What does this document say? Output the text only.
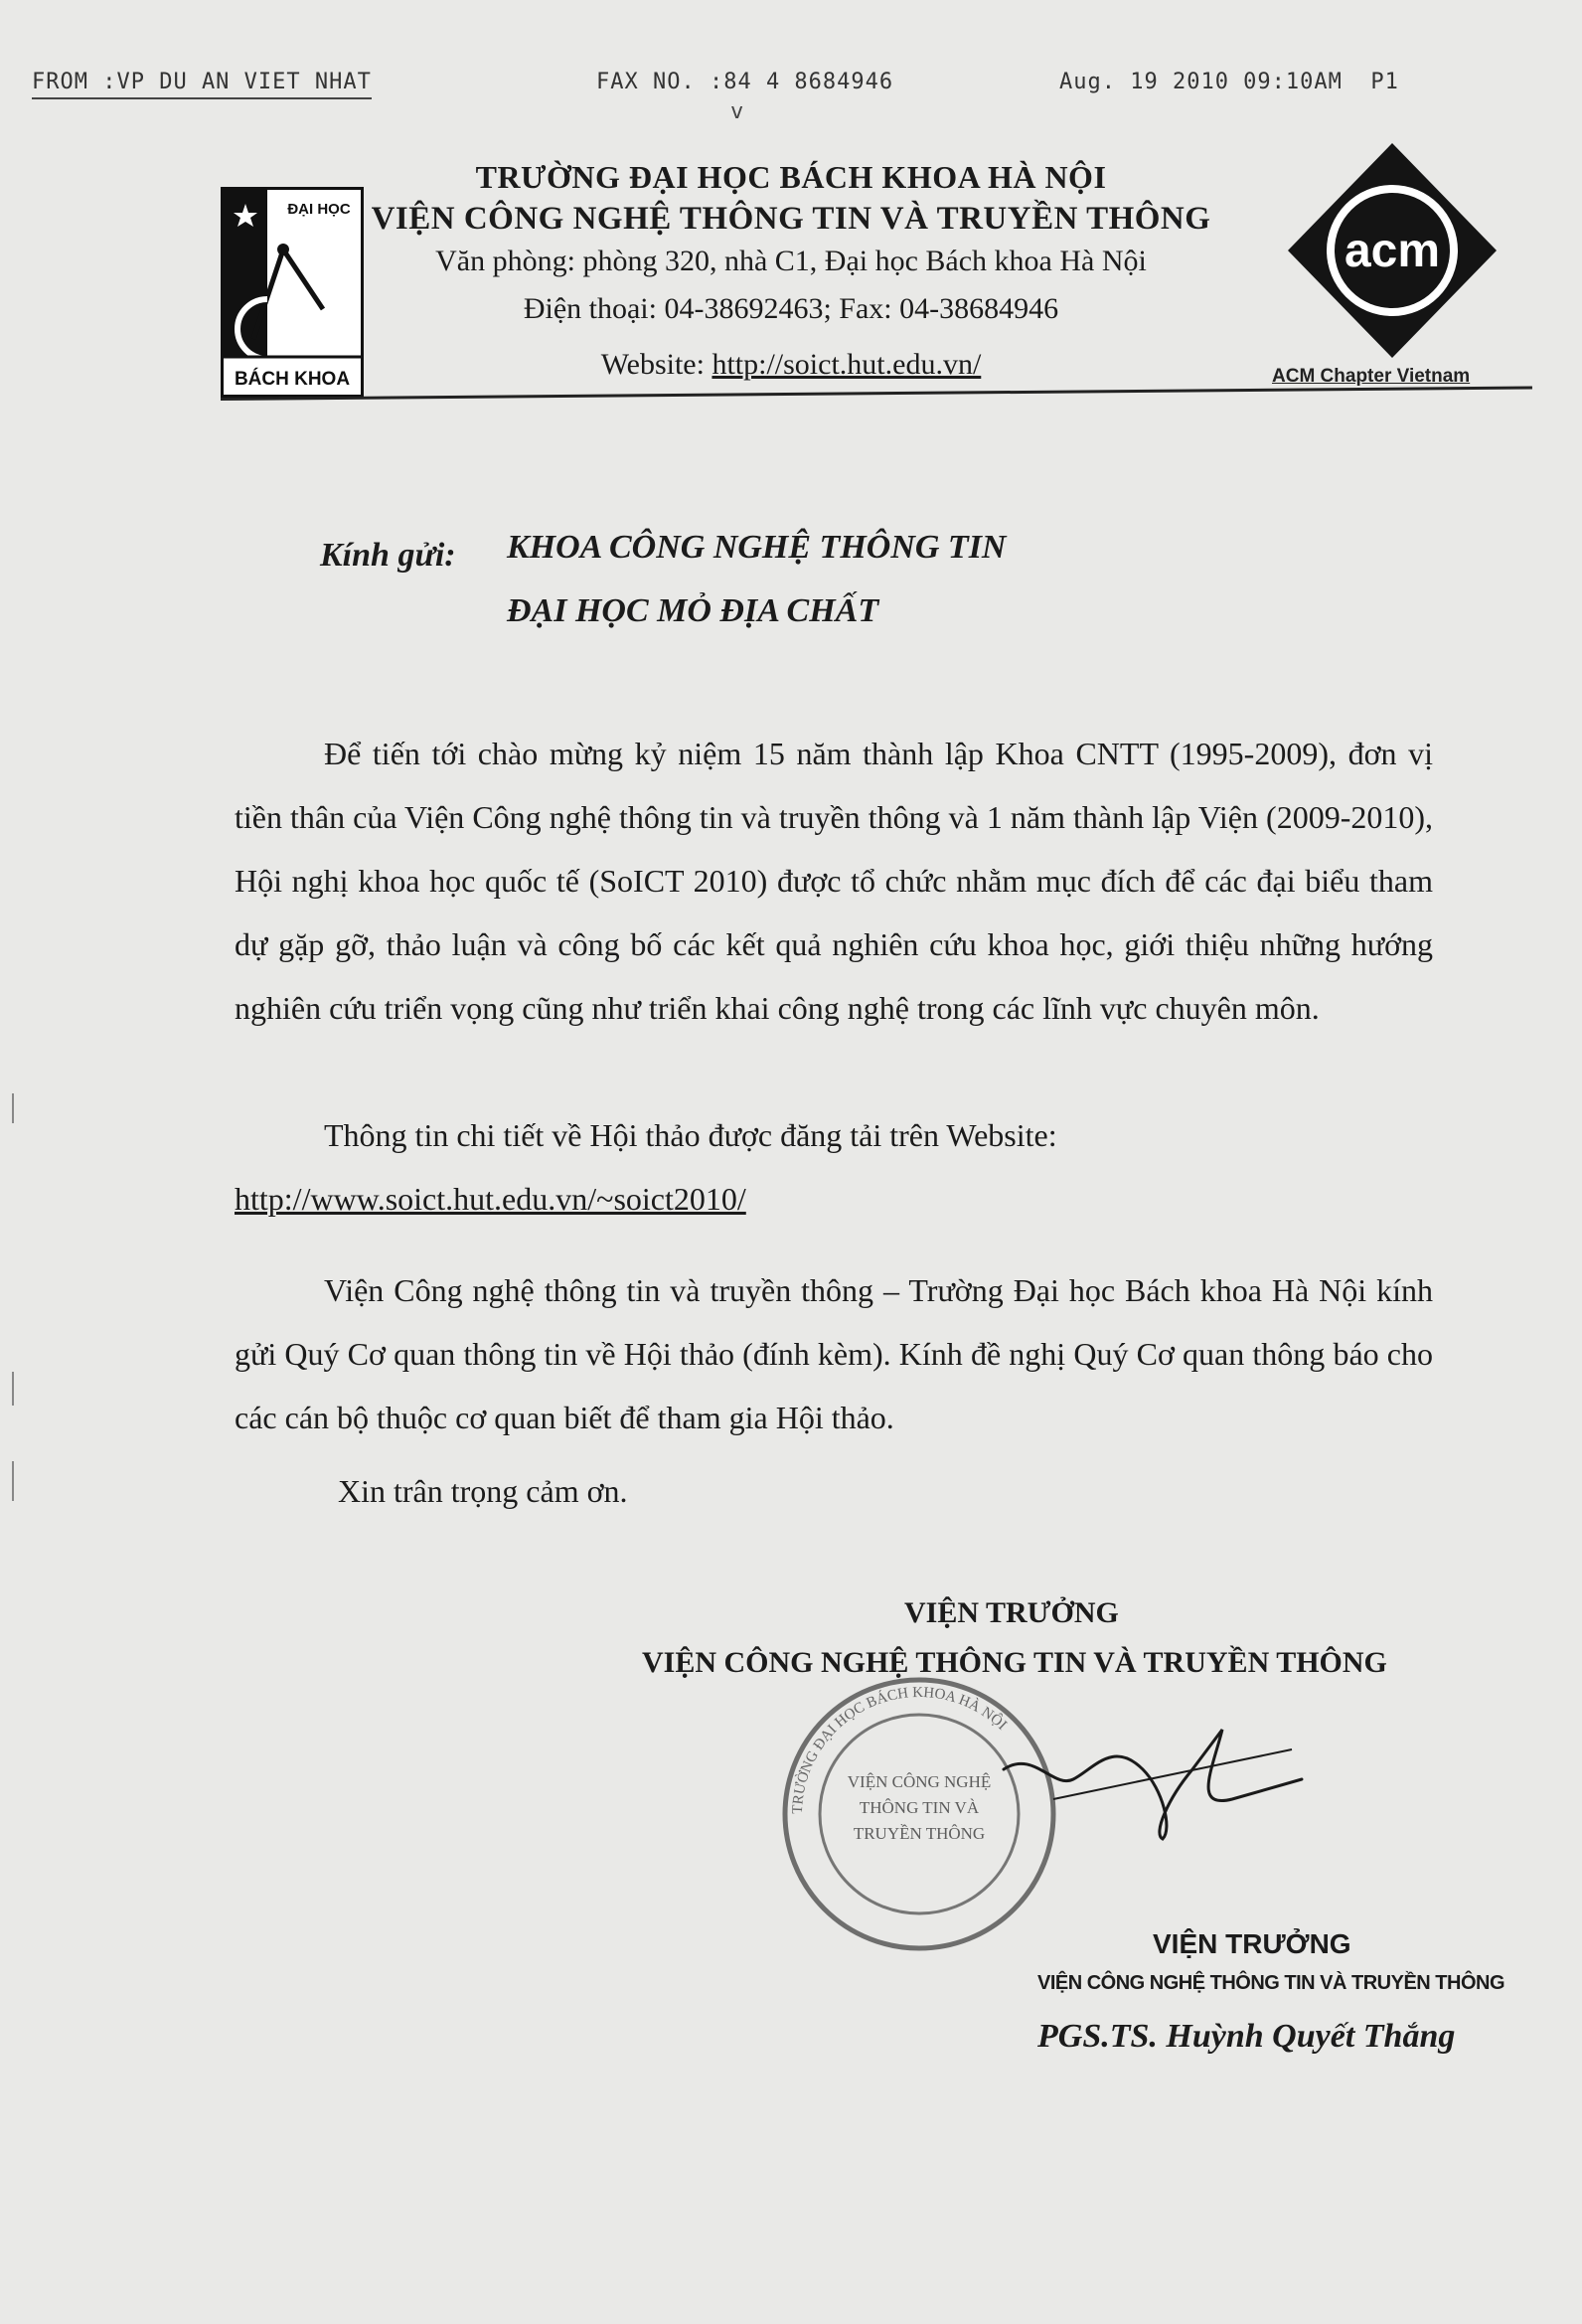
FROM :VP DU AN VIET NHAT	FAX NO. :84 4 8684946	Aug. 19 2010 09:10AM P1
v
ĐẠI HỌC
BÁCH KHOA
TRƯỜNG ĐẠI HỌC BÁCH KHOA HÀ NỘI
VIỆN CÔNG NGHỆ THÔNG TIN VÀ TRUYỀN THÔNG
Văn phòng: phòng 320, nhà C1, Đại học Bách khoa Hà Nội
Điện thoại: 04-38692463; Fax: 04-38684946
Website: http://soict.hut.edu.vn/
acm
ACM Chapter Vietnam
Kính gửi: KHOA CÔNG NGHỆ THÔNG TIN
ĐẠI HỌC MỎ ĐỊA CHẤT
Để tiến tới chào mừng kỷ niệm 15 năm thành lập Khoa CNTT (1995-2009), đơn vị tiền thân của Viện Công nghệ thông tin và truyền thông và 1 năm thành lập Viện (2009-2010), Hội nghị khoa học quốc tế (SoICT 2010) được tổ chức nhằm mục đích để các đại biểu tham dự gặp gỡ, thảo luận và công bố các kết quả nghiên cứu khoa học, giới thiệu những hướng nghiên cứu triển vọng cũng như triển khai công nghệ trong các lĩnh vực chuyên môn.
Thông tin chi tiết về Hội thảo được đăng tải trên Website:
http://www.soict.hut.edu.vn/~soict2010/
Viện Công nghệ thông tin và truyền thông – Trường Đại học Bách khoa Hà Nội kính gửi Quý Cơ quan thông tin về Hội thảo (đính kèm). Kính đề nghị Quý Cơ quan thông báo cho các cán bộ thuộc cơ quan biết để tham gia Hội thảo.
Xin trân trọng cảm ơn.
VIỆN TRƯỞNG
VIỆN CÔNG NGHỆ THÔNG TIN VÀ TRUYỀN THÔNG
TRƯỜNG ĐẠI HỌC BÁCH KHOA HÀ NỘI
VIỆN CÔNG NGHỆ THÔNG TIN VÀ TRUYỀN THÔNG
VIỆN TRƯỞNG
VIỆN CÔNG NGHỆ THÔNG TIN VÀ TRUYỀN THÔNG
PGS.TS. Huỳnh Quyết Thắng
